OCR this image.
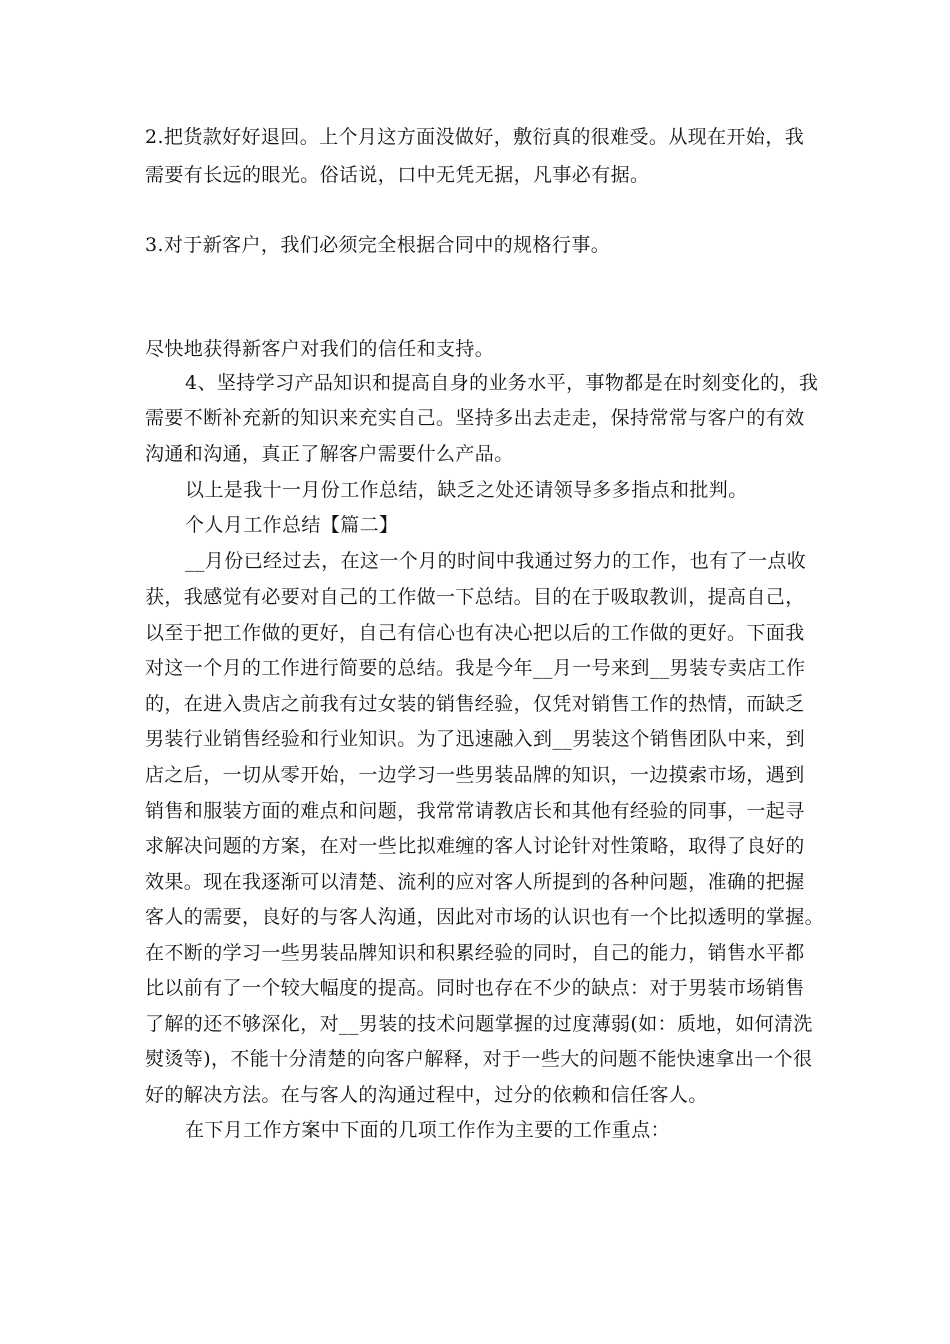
2.把货款好好退回。上个月这方面没做好，敷衍真的很难受。从现在开始，我
需要有长远的眼光。俗话说，口中无凭无据，凡事必有据。
3.对于新客户，我们必须完全根据合同中的规格行事。
尽快地获得新客户对我们的信任和支持。
4、坚持学习产品知识和提高自身的业务水平，事物都是在时刻变化的，我
需要不断补充新的知识来充实自己。坚持多出去走走，保持常常与客户的有效
沟通和沟通，真正了解客户需要什么产品。
以上是我十一月份工作总结，缺乏之处还请领导多多指点和批判。
个人月工作总结【篇二】
__月份已经过去，在这一个月的时间中我通过努力的工作，也有了一点收
获，我感觉有必要对自己的工作做一下总结。目的在于吸取教训，提高自己，
以至于把工作做的更好，自己有信心也有决心把以后的工作做的更好。下面我
对这一个月的工作进行简要的总结。我是今年__月一号来到__男装专卖店工作
的，在进入贵店之前我有过女装的销售经验，仅凭对销售工作的热情，而缺乏
男装行业销售经验和行业知识。为了迅速融入到__男装这个销售团队中来，到
店之后，一切从零开始，一边学习一些男装品牌的知识，一边摸索市场，遇到
销售和服装方面的难点和问题，我常常请教店长和其他有经验的同事，一起寻
求解决问题的方案，在对一些比拟难缠的客人讨论针对性策略，取得了良好的
效果。现在我逐渐可以清楚、流利的应对客人所提到的各种问题，准确的把握
客人的需要，良好的与客人沟通，因此对市场的认识也有一个比拟透明的掌握。
在不断的学习一些男装品牌知识和积累经验的同时，自己的能力，销售水平都
比以前有了一个较大幅度的提高。同时也存在不少的缺点：对于男装市场销售
了解的还不够深化，对__男装的技术问题掌握的过度薄弱(如：质地，如何清洗
熨烫等)，不能十分清楚的向客户解释，对于一些大的问题不能快速拿出一个很
好的解决方法。在与客人的沟通过程中，过分的依赖和信任客人。
在下月工作方案中下面的几项工作作为主要的工作重点：
